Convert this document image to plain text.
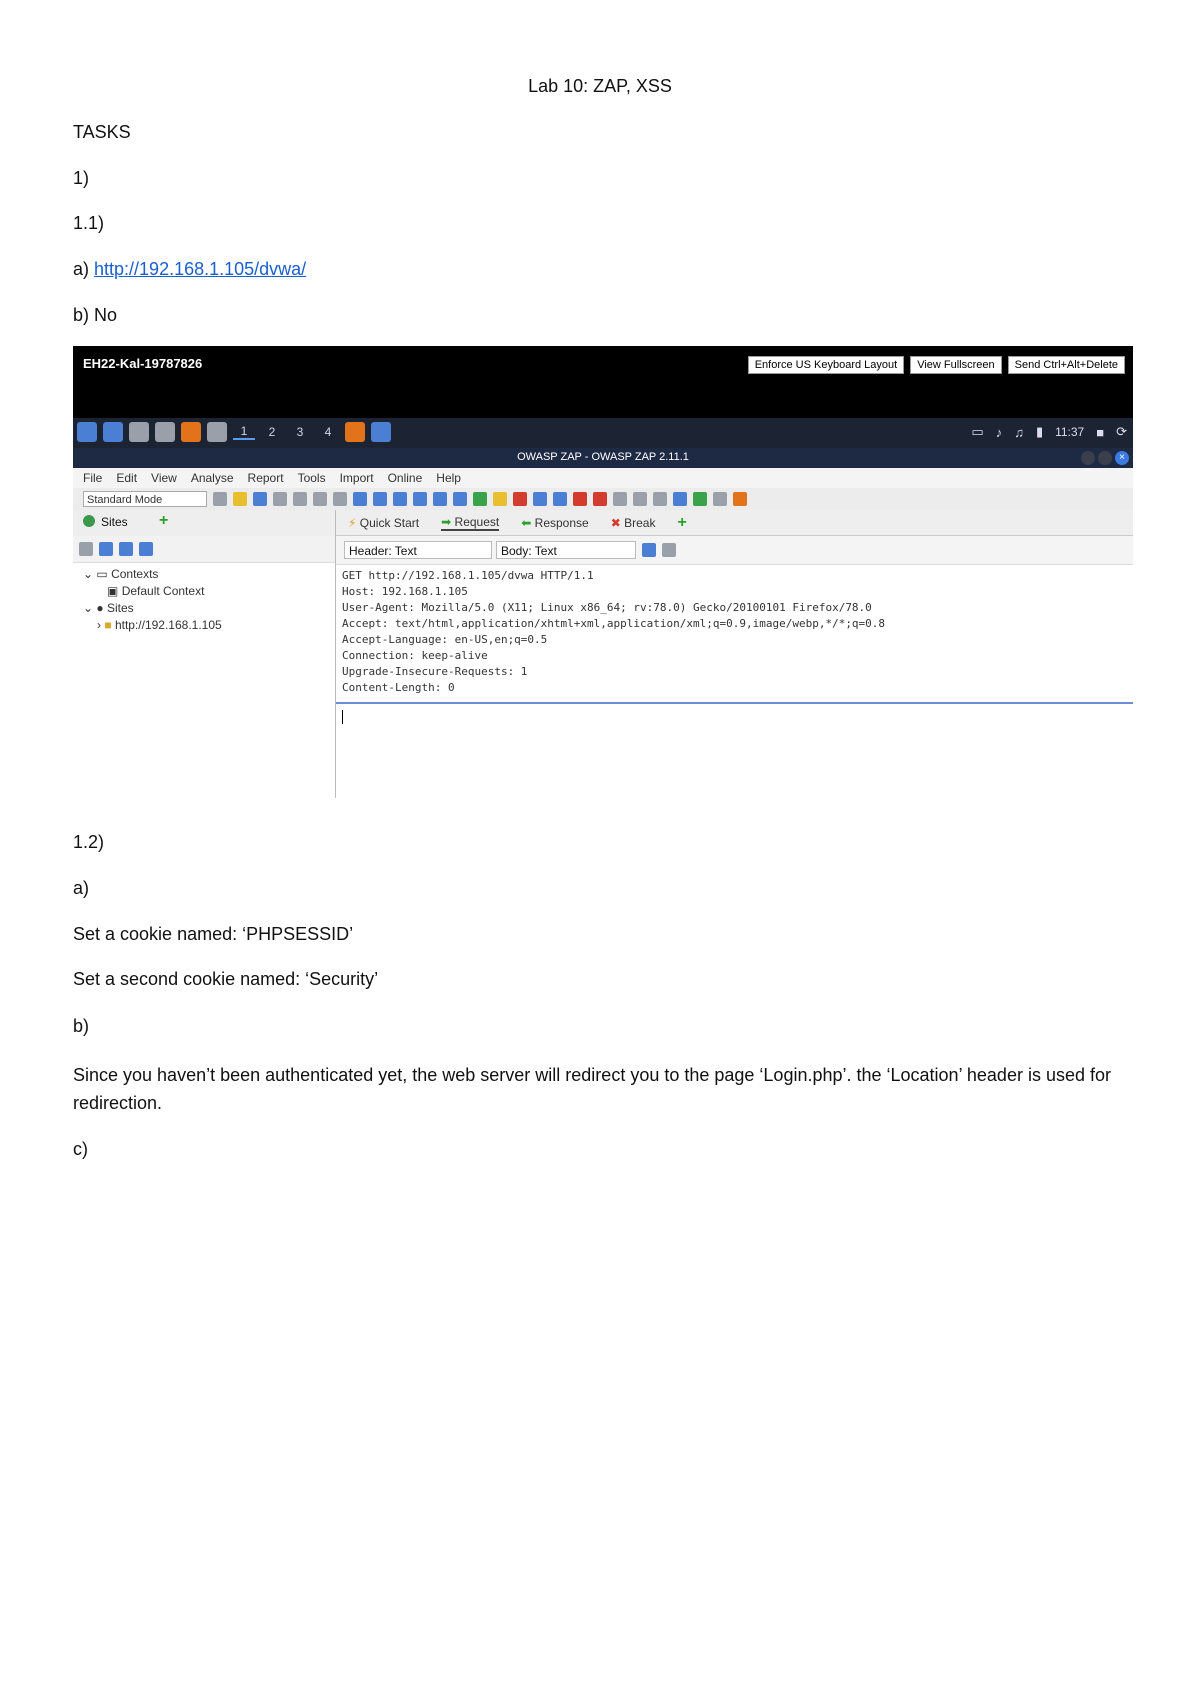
Lab 10: ZAP, XSS
TASKS
1)
1.1)
a) http://192.168.1.105/dvwa/
b) No
EH22-Kal-19787826	Enforce US Keyboard Layout	View Fullscreen	Send Ctrl+Alt+Delete
1	2	3	4	▭ ♪ ♫ ▮ 11:37 ■ ⟳
OWASP ZAP - OWASP ZAP 2.11.1	×
File Edit View Analyse Report Tools Import Online Help
Standard Mode
Sites +
⌄ ▭ Contexts
▣ Default Context
⌄ ● Sites
› ■ http://192.168.1.105
⚡ Quick Start ➡ Request ⬅ Response ✖ Break +
Header: Text	Body: Text
GET http://192.168.1.105/dvwa HTTP/1.1
Host: 192.168.1.105
User-Agent: Mozilla/5.0 (X11; Linux x86_64; rv:78.0) Gecko/20100101 Firefox/78.0
Accept: text/html,application/xhtml+xml,application/xml;q=0.9,image/webp,*/*;q=0.8
Accept-Language: en-US,en;q=0.5
Connection: keep-alive
Upgrade-Insecure-Requests: 1
Content-Length: 0
1.2)
a)
Set a cookie named: ‘PHPSESSID’
Set a second cookie named: ‘Security’
b)
Since you haven’t been authenticated yet, the web server will redirect you to the page ‘Login.php’. the ‘Location’ header is used for redirection.
c)
